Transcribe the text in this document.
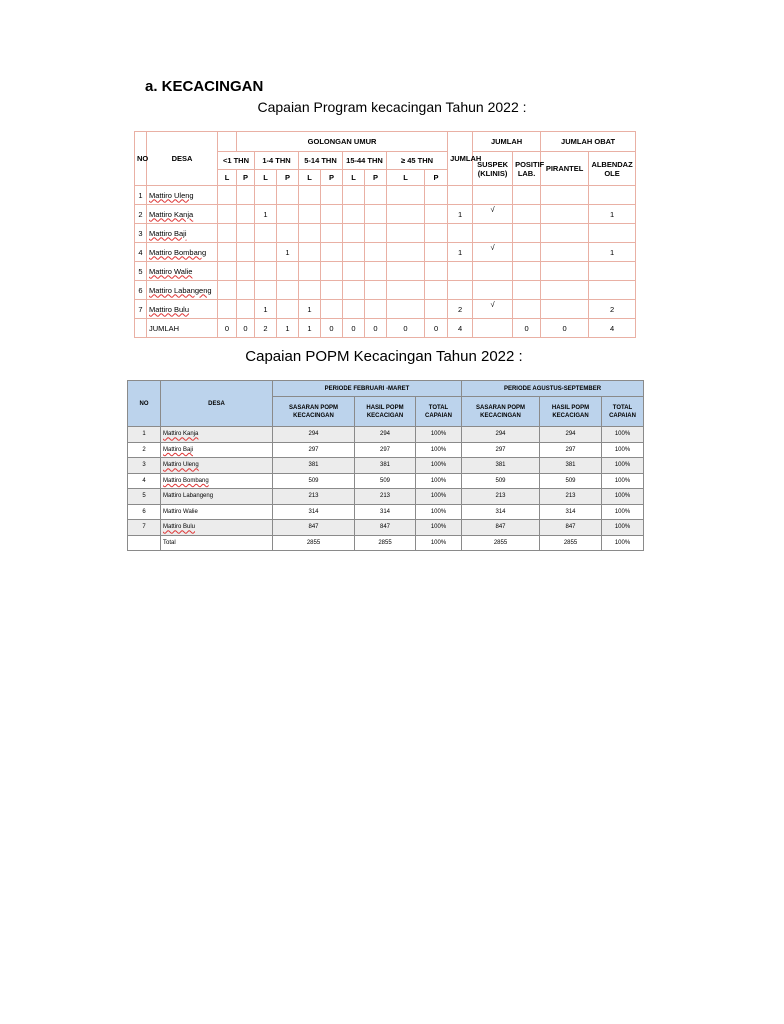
a. KECACINGAN
Capaian Program kecacingan Tahun 2022 :
NO	DESA		GOLONGAN UMUR									JUMLAH	JUMLAH		JUMLAH OBAT	
		<1 THN		1-4 THN		5-14 THN		15-44 THN		≥ 45 THN			SUSPEK (KLINIS)	POSITIF LAB.	PIRANTEL	ALBENDAZOLE
		L	P	L	P	L	P	L	P	L	P					
1	Mattiro Uleng															
2	Mattiro Kanja			1								1	√			1
3	Mattiro Baji															
4	Mattiro Bombang				1							1	√			1
5	Mattiro Walie															
6	Mattiro Labangeng															
7	Mattiro Bulu			1		1						2	√			2
	JUMLAH	0	0	2	1	1	0	0	0	0	0	4		0	0	4
Capaian POPM Kecacingan Tahun 2022 :
NO	DESA	PERIODE FEBRUARI -MARET			PERIODE AGUSTUS-SEPTEMBER		
		SASARAN POPM KECACINGAN	HASIL POPM KECACIGAN	TOTAL CAPAIAN	SASARAN POPM KECACINGAN	HASIL POPM KECACIGAN	TOTAL CAPAIAN
1	Mattiro Kanja	294	294	100%	294	294	100%
2	Mattiro Baji	297	297	100%	297	297	100%
3	Mattiro Uleng	381	381	100%	381	381	100%
4	Mattiro Bombang	509	509	100%	509	509	100%
5	Mattiro Labangeng	213	213	100%	213	213	100%
6	Mattiro Walie	314	314	100%	314	314	100%
7	Mattiro Bulu	847	847	100%	847	847	100%
	Total	2855	2855	100%	2855	2855	100%
